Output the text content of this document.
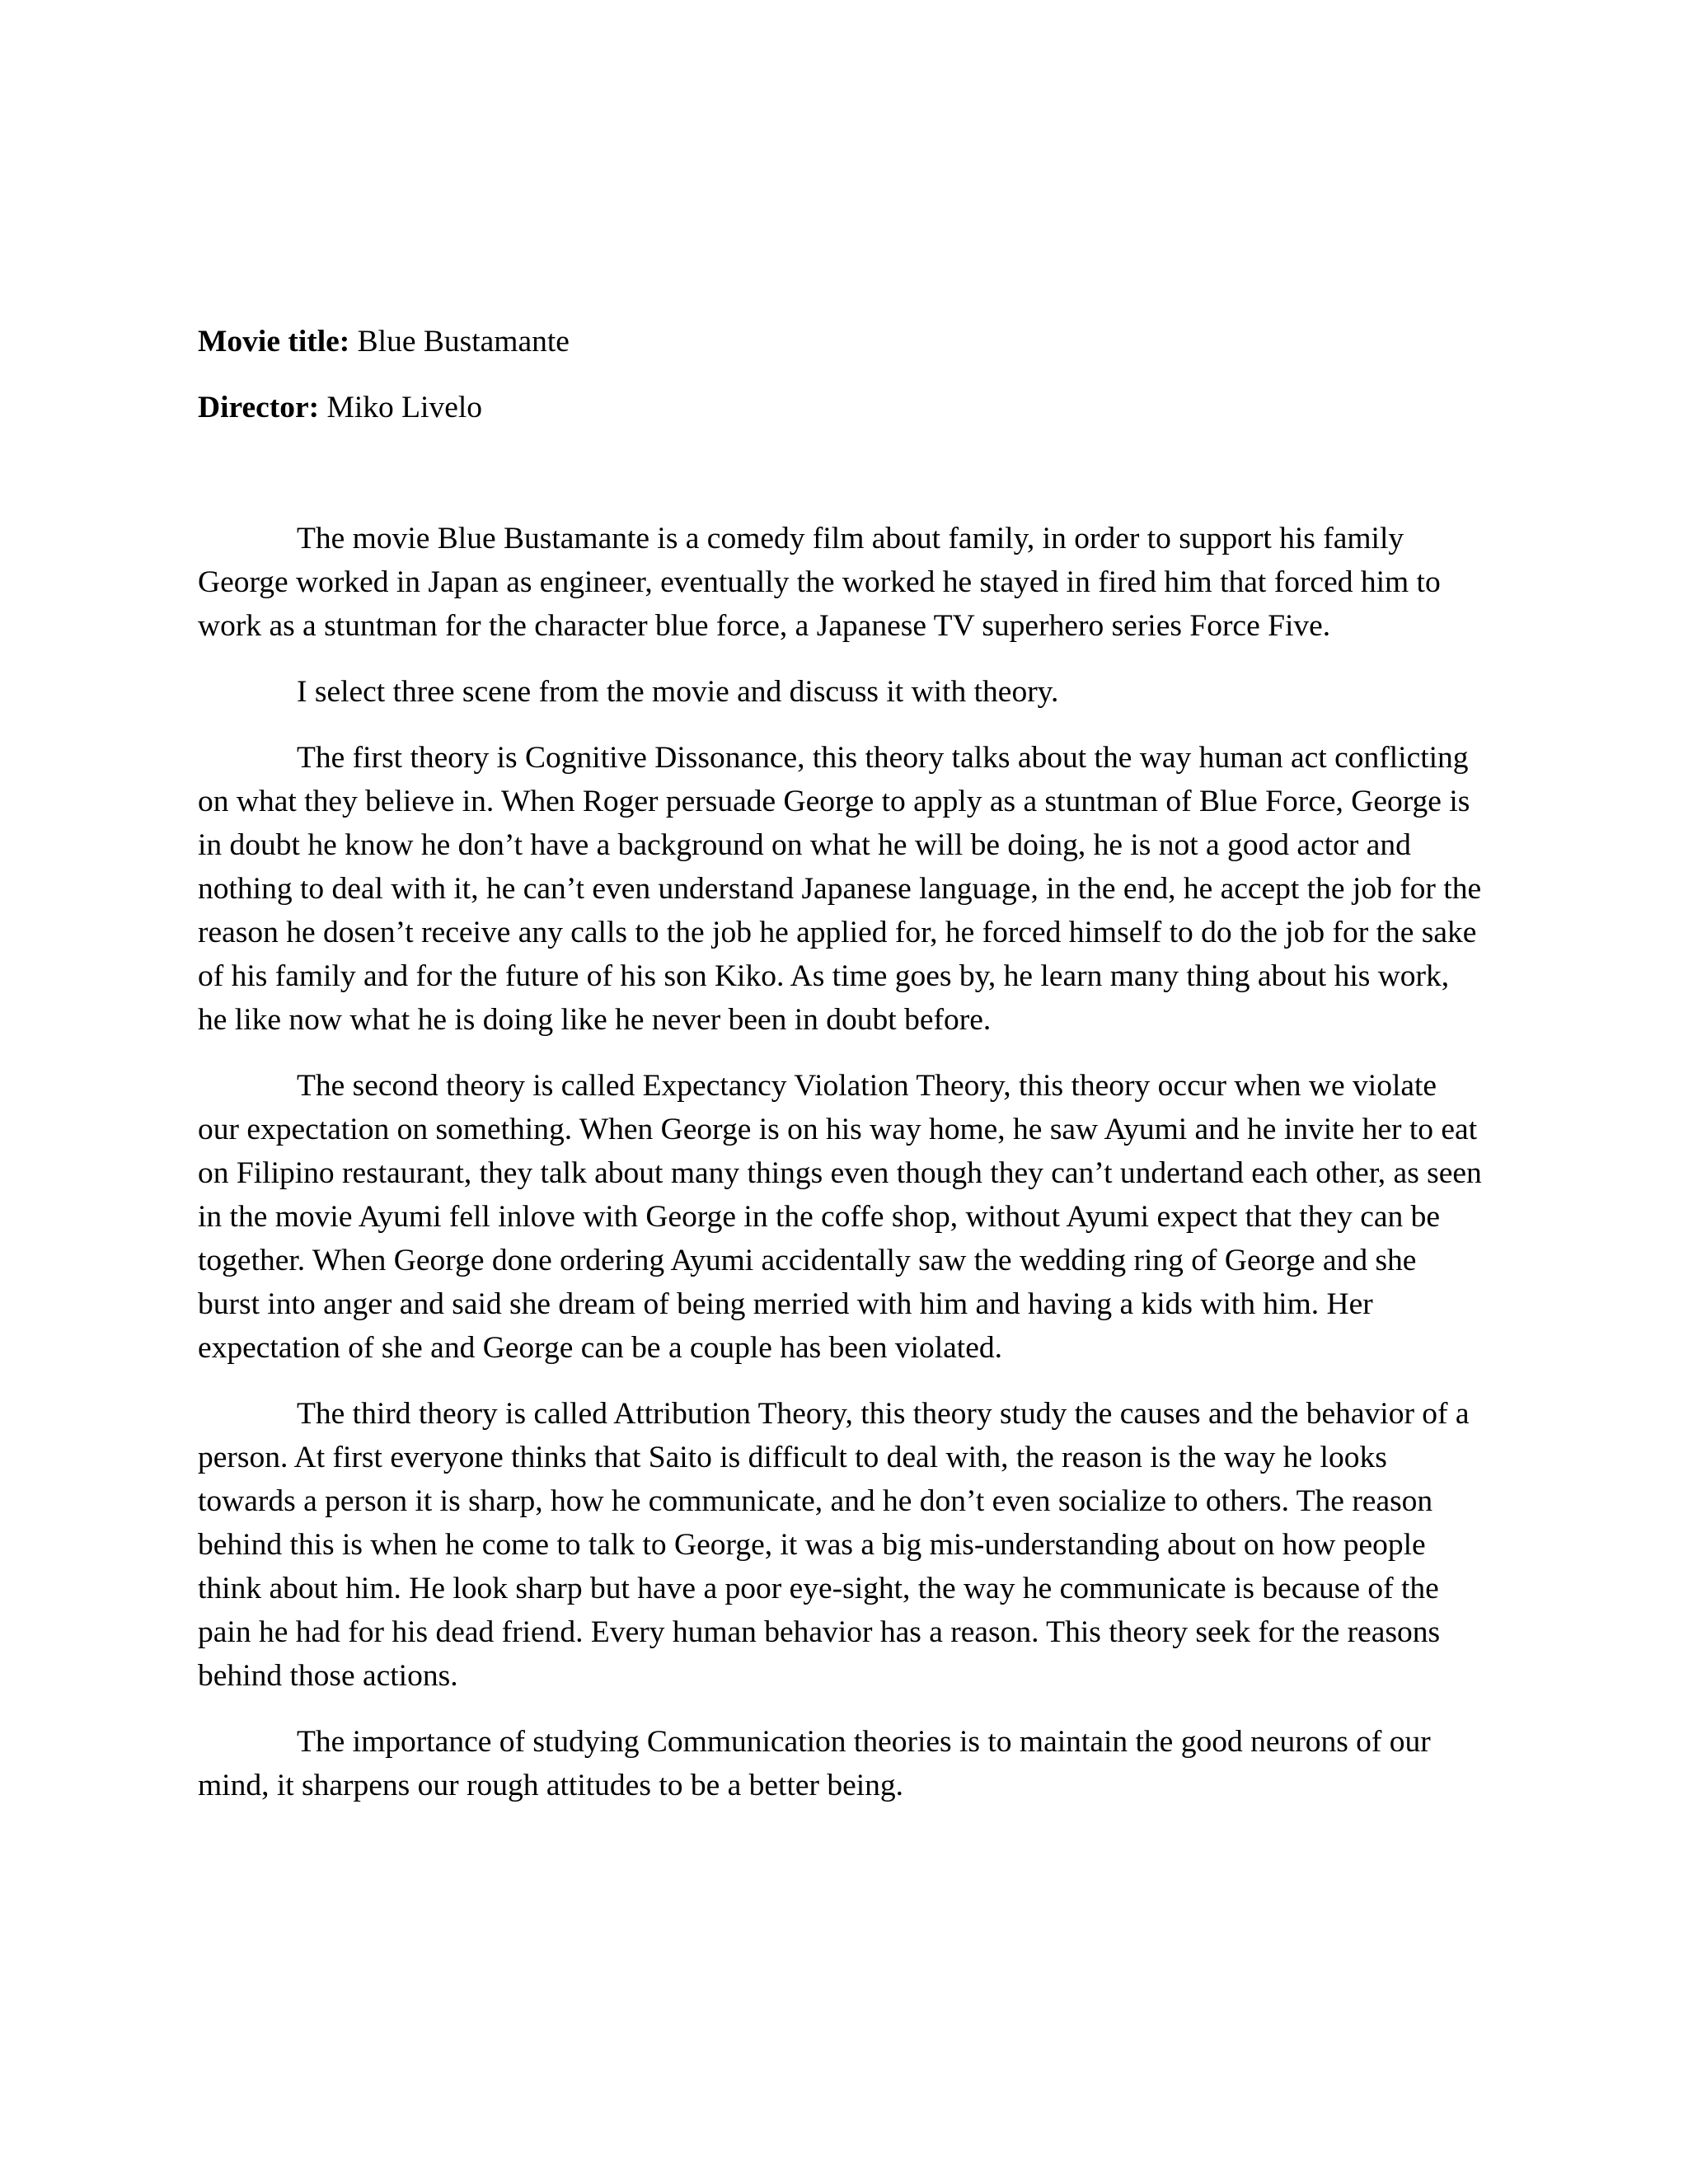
Movie title: Blue Bustamante

Director: Miko Livelo

The movie Blue Bustamante is a comedy film about family, in order to support his family George worked in Japan as engineer, eventually the worked he stayed in fired him that forced him to work as a stuntman for the character blue force, a Japanese TV superhero series Force Five.

I select three scene from the movie and discuss it with theory.

The first theory is Cognitive Dissonance, this theory talks about the way human act conflicting on what they believe in. When Roger persuade George to apply as a stuntman of Blue Force, George is in doubt he know he don’t have a background on what he will be doing, he is not a good actor and nothing to deal with it, he can’t even understand Japanese language, in the end, he accept the job for the reason he dosen’t receive any calls to the job he applied for, he forced himself to do the job for the sake of his family and for the future of his son Kiko. As time goes by, he learn many thing about his work, he like now what he is doing like he never been in doubt before.

The second theory is called Expectancy Violation Theory, this theory occur when we violate our expectation on something. When George is on his way home, he saw Ayumi and he invite her to eat on Filipino restaurant, they talk about many things even though they can’t undertand each other, as seen in the movie Ayumi fell inlove with George in the coffe shop, without Ayumi expect that they can be together. When George done ordering Ayumi accidentally saw the wedding ring of George and she burst into anger and said she dream of being merried with him and having a kids with him. Her expectation of she and George can be a couple has been violated.

The third theory is called Attribution Theory, this theory study the causes and the behavior of a person. At first everyone thinks that Saito is difficult to deal with, the reason is the way he looks towards a person it is sharp, how he communicate, and he don’t even socialize to others. The reason behind this is when he come to talk to George, it was a big mis-understanding about on how people think about him. He look sharp but have a poor eye-sight, the way he communicate is because of the pain he had for his dead friend. Every human behavior has a reason. This theory seek for the reasons behind those actions.

The importance of studying Communication theories is to maintain the good neurons of our mind, it sharpens our rough attitudes to be a better being.
